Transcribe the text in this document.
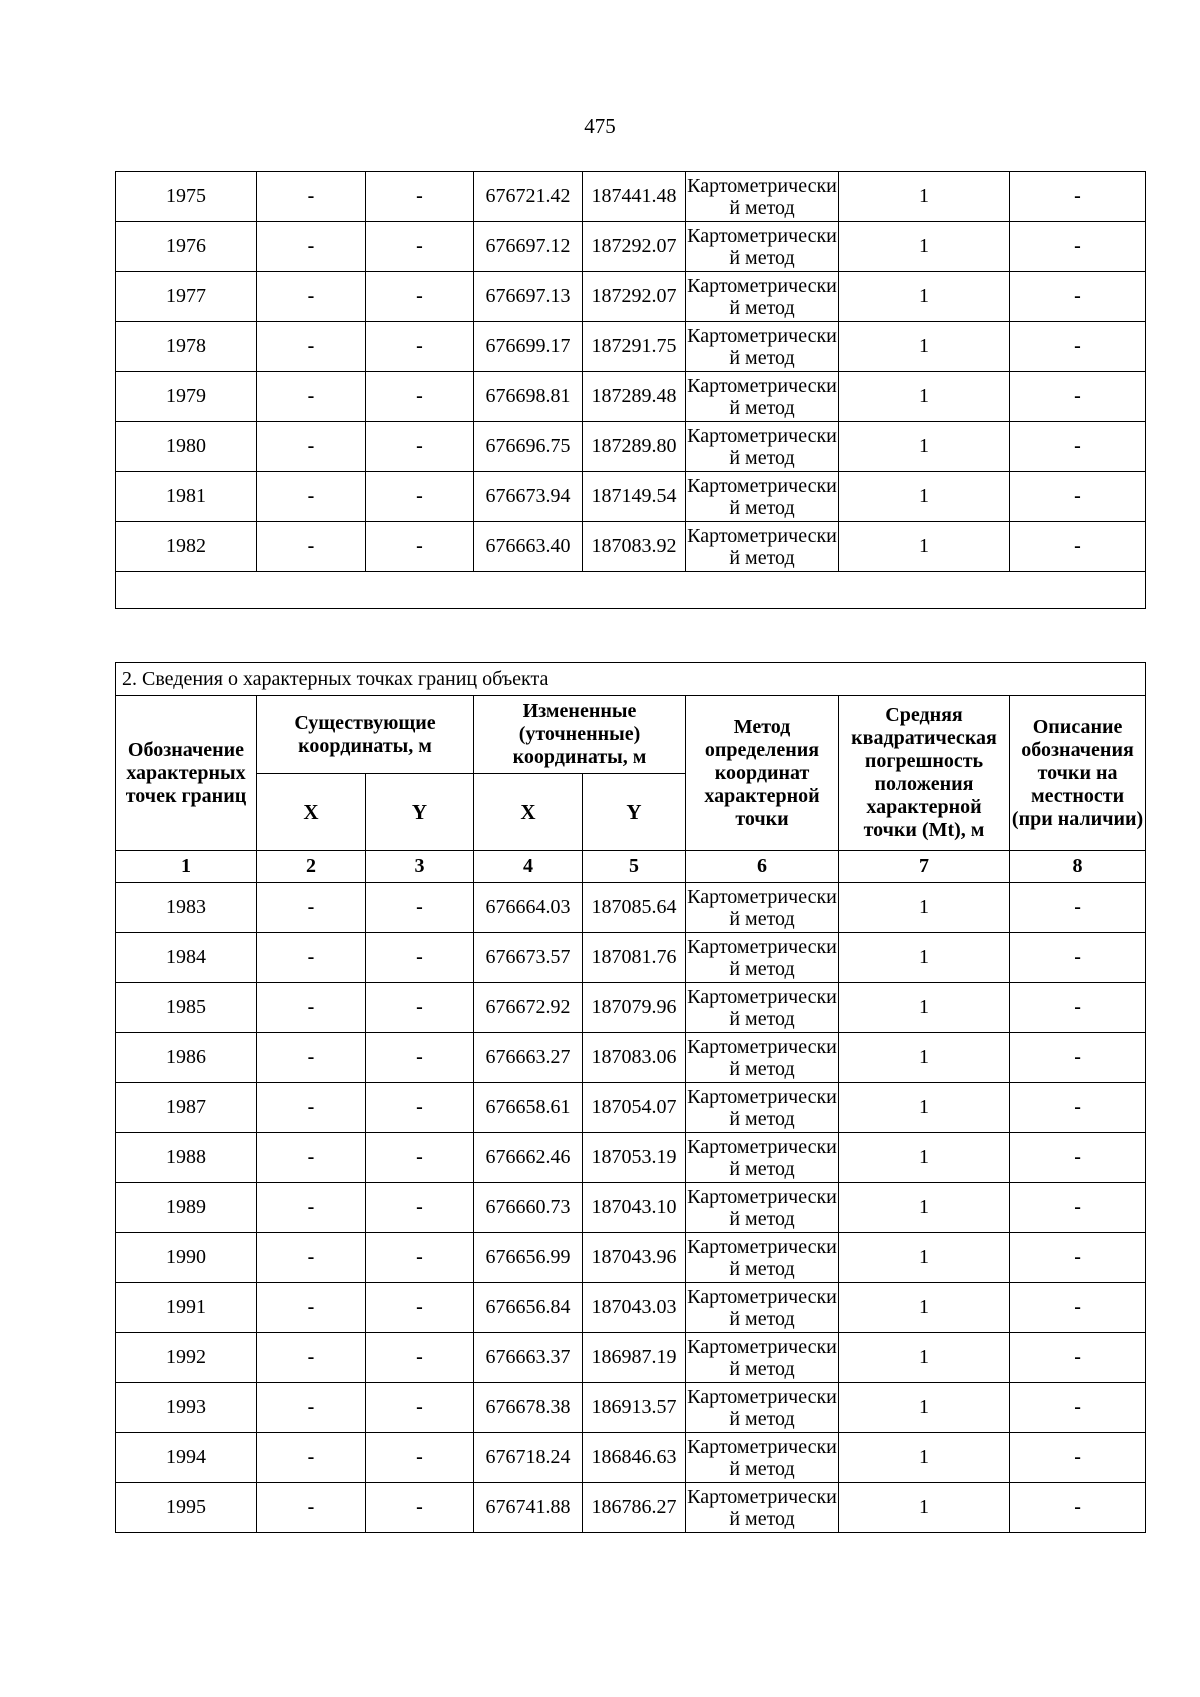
475
1975	-	-	676721.42	187441.48	Картометрический метод	1	-
1976	-	-	676697.12	187292.07	Картометрический метод	1	-
1977	-	-	676697.13	187292.07	Картометрический метод	1	-
1978	-	-	676699.17	187291.75	Картометрический метод	1	-
1979	-	-	676698.81	187289.48	Картометрический метод	1	-
1980	-	-	676696.75	187289.80	Картометрический метод	1	-
1981	-	-	676673.94	187149.54	Картометрический метод	1	-
1982	-	-	676663.40	187083.92	Картометрический метод	1	-

2. Сведения о характерных точках границ объекта							
Обозначение характерных точек границ	Существующие координаты, м		Измененные (уточненные) координаты, м		Метод определения координат характерной точки	Средняя квадратическая погрешность положения характерной точки (Mt), м	Описание обозначения точки на местности (при наличии)
	X	Y	X	Y			
1	2	3	4	5	6	7	8
1983	-	-	676664.03	187085.64	Картометрический метод	1	-
1984	-	-	676673.57	187081.76	Картометрический метод	1	-
1985	-	-	676672.92	187079.96	Картометрический метод	1	-
1986	-	-	676663.27	187083.06	Картометрический метод	1	-
1987	-	-	676658.61	187054.07	Картометрический метод	1	-
1988	-	-	676662.46	187053.19	Картометрический метод	1	-
1989	-	-	676660.73	187043.10	Картометрический метод	1	-
1990	-	-	676656.99	187043.96	Картометрический метод	1	-
1991	-	-	676656.84	187043.03	Картометрический метод	1	-
1992	-	-	676663.37	186987.19	Картометрический метод	1	-
1993	-	-	676678.38	186913.57	Картометрический метод	1	-
1994	-	-	676718.24	186846.63	Картометрический метод	1	-
1995	-	-	676741.88	186786.27	Картометрический метод	1	-
